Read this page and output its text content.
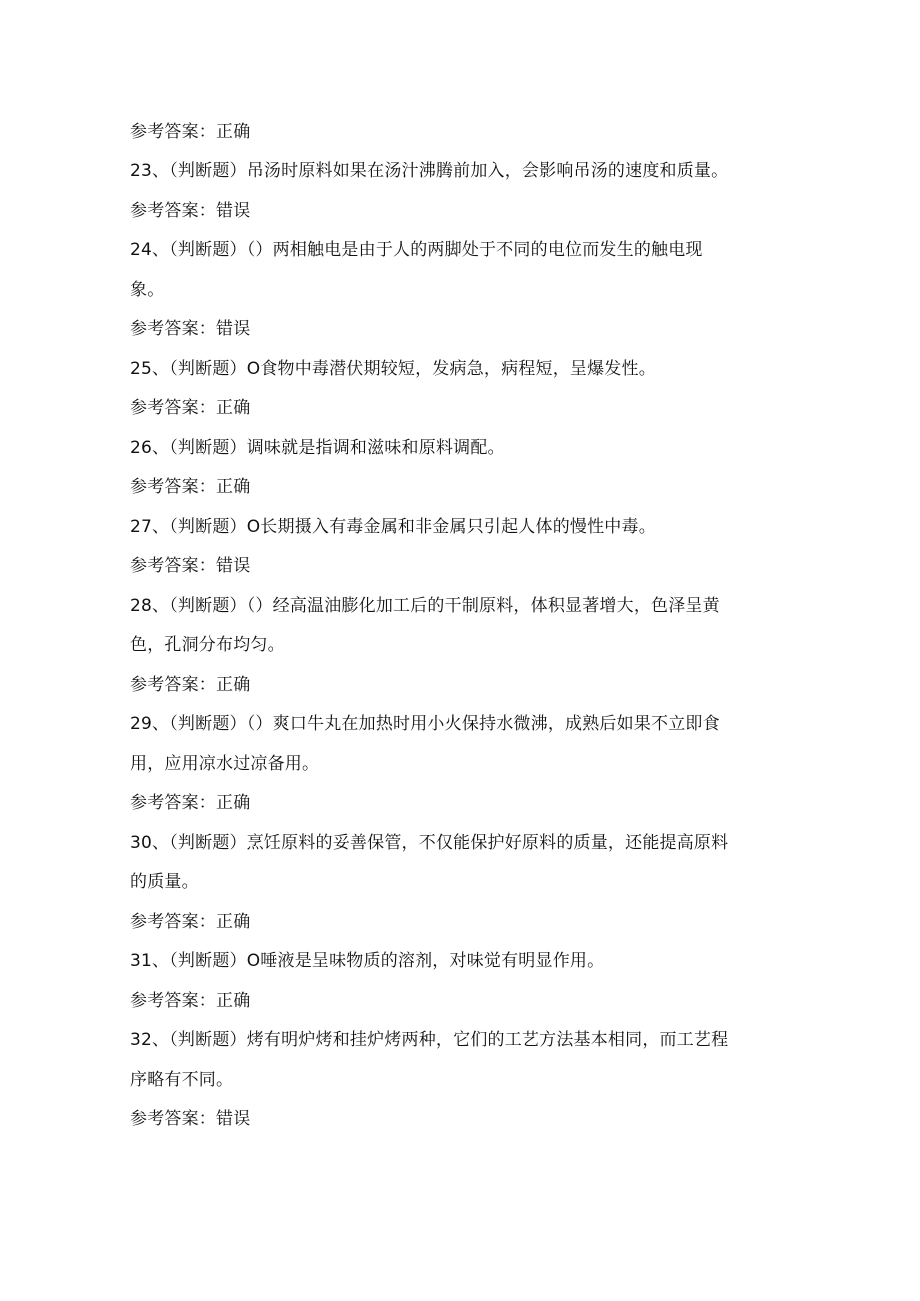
参考答案：正确
23、（判断题）吊汤时原料如果在汤汁沸腾前加入，会影响吊汤的速度和质量。
参考答案：错误
24、（判断题）（）两相触电是由于人的两脚处于不同的电位而发生的触电现
象。
参考答案：错误
25、（判断题）O食物中毒潜伏期较短，发病急，病程短，呈爆发性。
参考答案：正确
26、（判断题）调味就是指调和滋味和原料调配。
参考答案：正确
27、（判断题）O长期摄入有毒金属和非金属只引起人体的慢性中毒。
参考答案：错误
28、（判断题）（）经高温油膨化加工后的干制原料，体积显著增大，色泽呈黄
色，孔洞分布均匀。
参考答案：正确
29、（判断题）（）爽口牛丸在加热时用小火保持水微沸，成熟后如果不立即食
用，应用凉水过凉备用。
参考答案：正确
30、（判断题）烹饪原料的妥善保管，不仅能保护好原料的质量，还能提高原料
的质量。
参考答案：正确
31、（判断题）O唾液是呈味物质的溶剂，对味觉有明显作用。
参考答案：正确
32、（判断题）烤有明炉烤和挂炉烤两种，它们的工艺方法基本相同，而工艺程
序略有不同。
参考答案：错误
